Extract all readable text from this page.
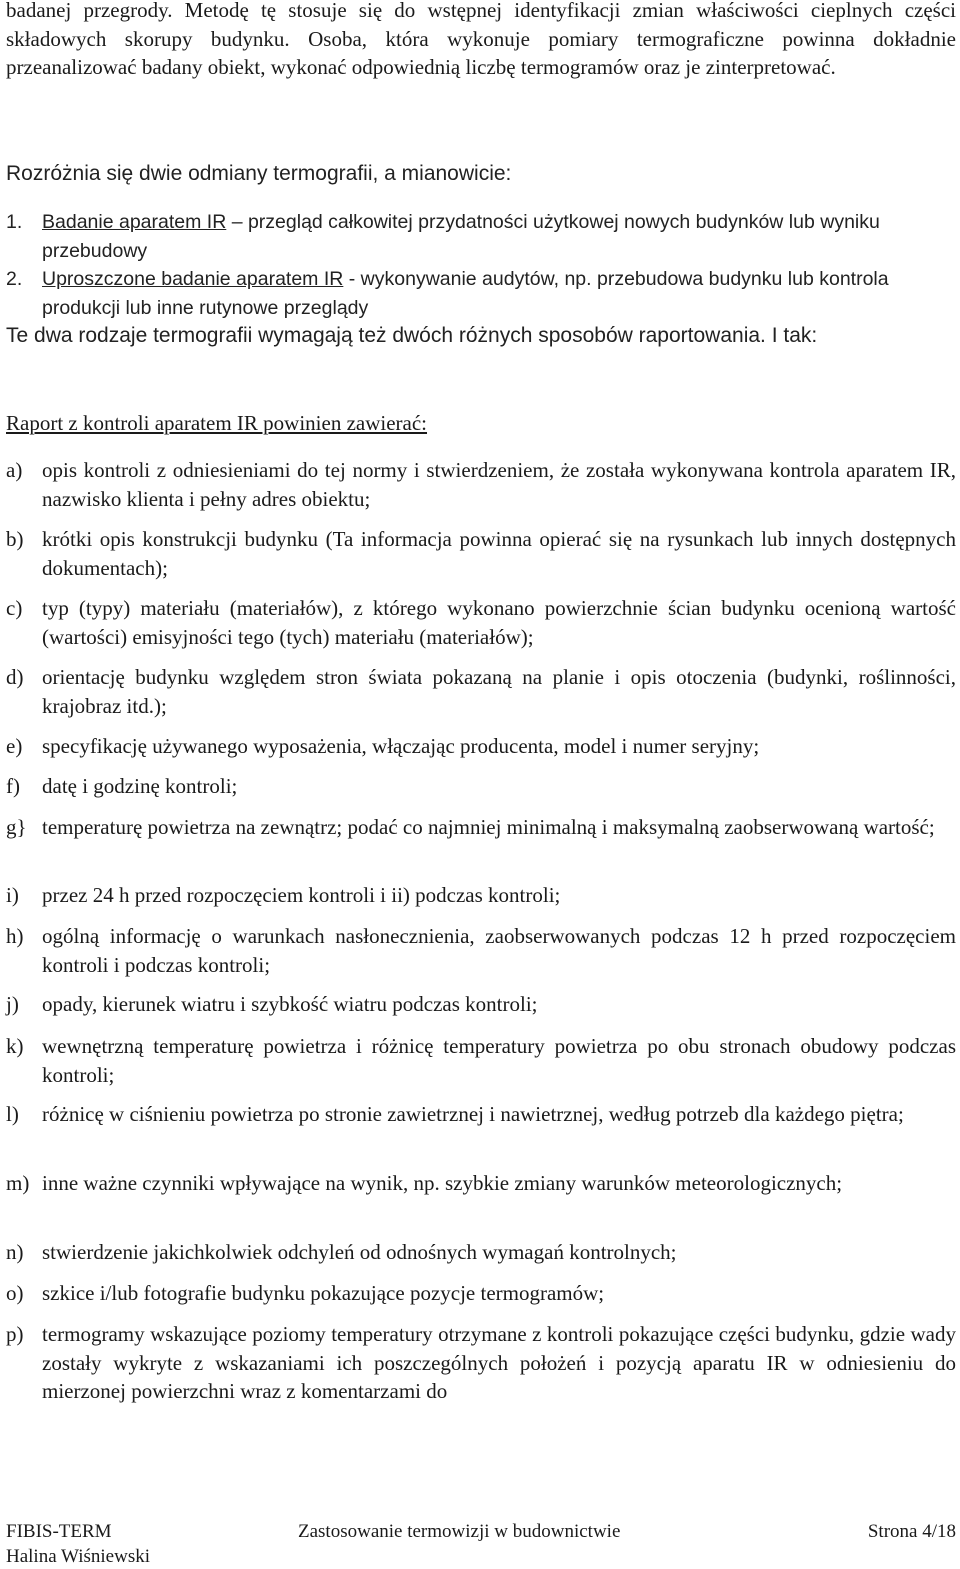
badanej przegrody. Metodę tę stosuje się do wstępnej identyfikacji zmian właściwości cieplnych części składowych skorupy budynku. Osoba, która wykonuje pomiary termograficzne powinna dokładnie przeanalizować badany obiekt, wykonać odpowiednią liczbę termogramów oraz je zinterpretować.
Rozróżnia się dwie odmiany termografii, a mianowicie:
1. Badanie aparatem IR – przegląd całkowitej przydatności użytkowej nowych budynków lub wyniku przebudowy
2. Uproszczone badanie aparatem IR - wykonywanie audytów, np. przebudowa budynku lub kontrola produkcji lub inne rutynowe przeglądy
Te dwa rodzaje termografii wymagają też dwóch różnych sposobów raportowania. I tak:
Raport z kontroli aparatem IR powinien zawierać:
a) opis kontroli z odniesieniami do tej normy i stwierdzeniem, że została wykonywana kontrola aparatem IR, nazwisko klienta i pełny adres obiektu;
b) krótki opis konstrukcji budynku (Ta informacja powinna opierać się na rysunkach lub innych dostępnych dokumentach);
c) typ (typy) materiału (materiałów), z którego wykonano powierzchnie ścian budynku ocenioną wartość (wartości) emisyjności tego (tych) materiału (materiałów);
d) orientację budynku względem stron świata pokazaną na planie i opis otoczenia (budynki, roślinności, krajobraz itd.);
e) specyfikację używanego wyposażenia, włączając producenta, model i numer seryjny;
f) datę i godzinę kontroli;
g} temperaturę powietrza na zewnątrz; podać co najmniej minimalną i maksymalną zaobserwowaną wartość;
i) przez 24 h przed rozpoczęciem kontroli i ii) podczas kontroli;
h) ogólną informację o warunkach nasłonecznienia, zaobserwowanych podczas 12 h przed rozpoczęciem kontroli i podczas kontroli;
j) opady, kierunek wiatru i szybkość wiatru podczas kontroli;
k) wewnętrzną temperaturę powietrza i różnicę temperatury powietrza po obu stronach obudowy podczas kontroli;
l) różnicę w ciśnieniu powietrza po stronie zawietrznej i nawietrznej, według potrzeb dla każdego piętra;
m) inne ważne czynniki wpływające na wynik, np. szybkie zmiany warunków meteorologicznych;
n) stwierdzenie jakichkolwiek odchyleń od odnośnych wymagań kontrolnych;
o) szkice i/lub fotografie budynku pokazujące pozycje termogramów;
p) termogramy wskazujące poziomy temperatury otrzymane z kontroli pokazujące części budynku, gdzie wady zostały wykryte z wskazaniami ich poszczególnych położeń i pozycją aparatu IR w odniesieniu do mierzonej powierzchni wraz z komentarzami do
FIBIS-TERM	Zastosowanie termowizji w budownictwie	Strona 4/18
Halina Wiśniewski
